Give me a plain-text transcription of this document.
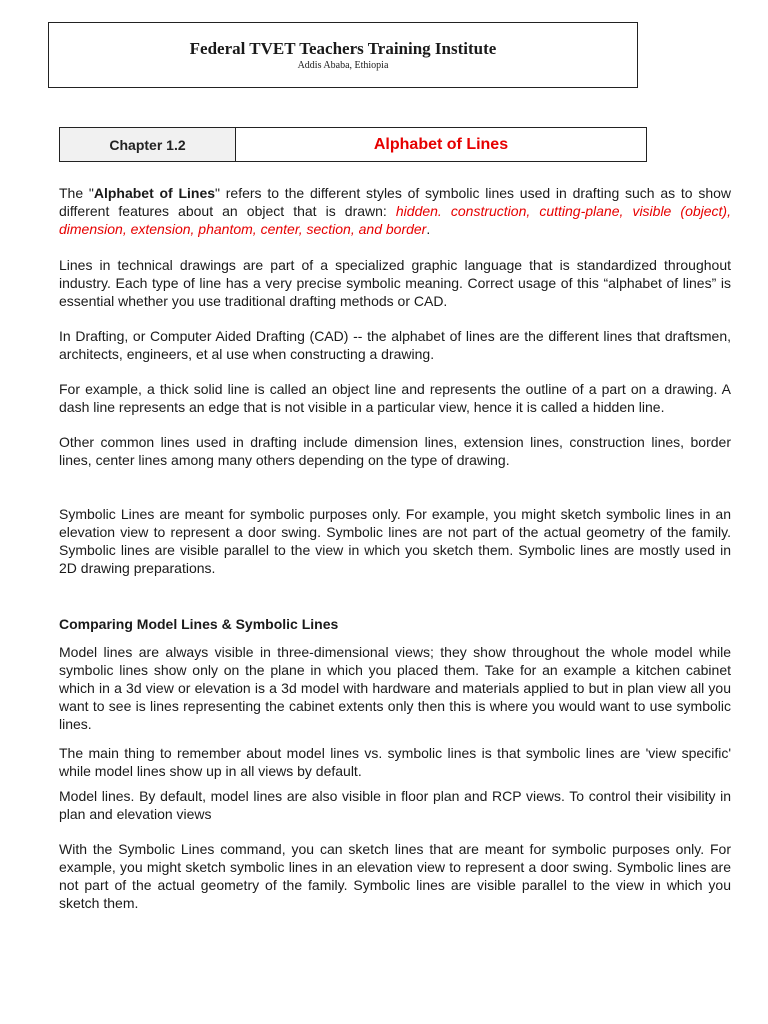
Federal TVET Teachers Training Institute
Addis Ababa, Ethiopia
Chapter 1.2	Alphabet of Lines

The "Alphabet of Lines" refers to the different styles of symbolic lines used in drafting such as to show different features about an object that is drawn: hidden. construction, cutting-plane, visible (object), dimension, extension, phantom, center, section, and border.

Lines in technical drawings are part of a specialized graphic language that is standardized throughout industry. Each type of line has a very precise symbolic meaning. Correct usage of this “alphabet of lines” is essential whether you use traditional drafting methods or CAD.

In Drafting, or Computer Aided Drafting (CAD) -- the alphabet of lines are the different lines that draftsmen, architects, engineers, et al use when constructing a drawing.

For example, a thick solid line is called an object line and represents the outline of a part on a drawing. A dash line represents an edge that is not visible in a particular view, hence it is called a hidden line.

Other common lines used in drafting include dimension lines, extension lines, construction lines, border lines, center lines among many others depending on the type of drawing.

Symbolic Lines are meant for symbolic purposes only. For example, you might sketch symbolic lines in an elevation view to represent a door swing. Symbolic lines are not part of the actual geometry of the family. Symbolic lines are visible parallel to the view in which you sketch them. Symbolic lines are mostly used in 2D drawing preparations.

Comparing Model Lines & Symbolic Lines

Model lines are always visible in three-dimensional views; they show throughout the whole model while symbolic lines show only on the plane in which you placed them. Take for an example a kitchen cabinet which in a 3d view or elevation is a 3d model with hardware and materials applied to but in plan view all you want to see is lines representing the cabinet extents only then this is where you would want to use symbolic lines.

The main thing to remember about model lines vs. symbolic lines is that symbolic lines are 'view specific' while model lines show up in all views by default.

Model lines. By default, model lines are also visible in floor plan and RCP views. To control their visibility in plan and elevation views

With the Symbolic Lines command, you can sketch lines that are meant for symbolic purposes only. For example, you might sketch symbolic lines in an elevation view to represent a door swing. Symbolic lines are not part of the actual geometry of the family. Symbolic lines are visible parallel to the view in which you sketch them.
